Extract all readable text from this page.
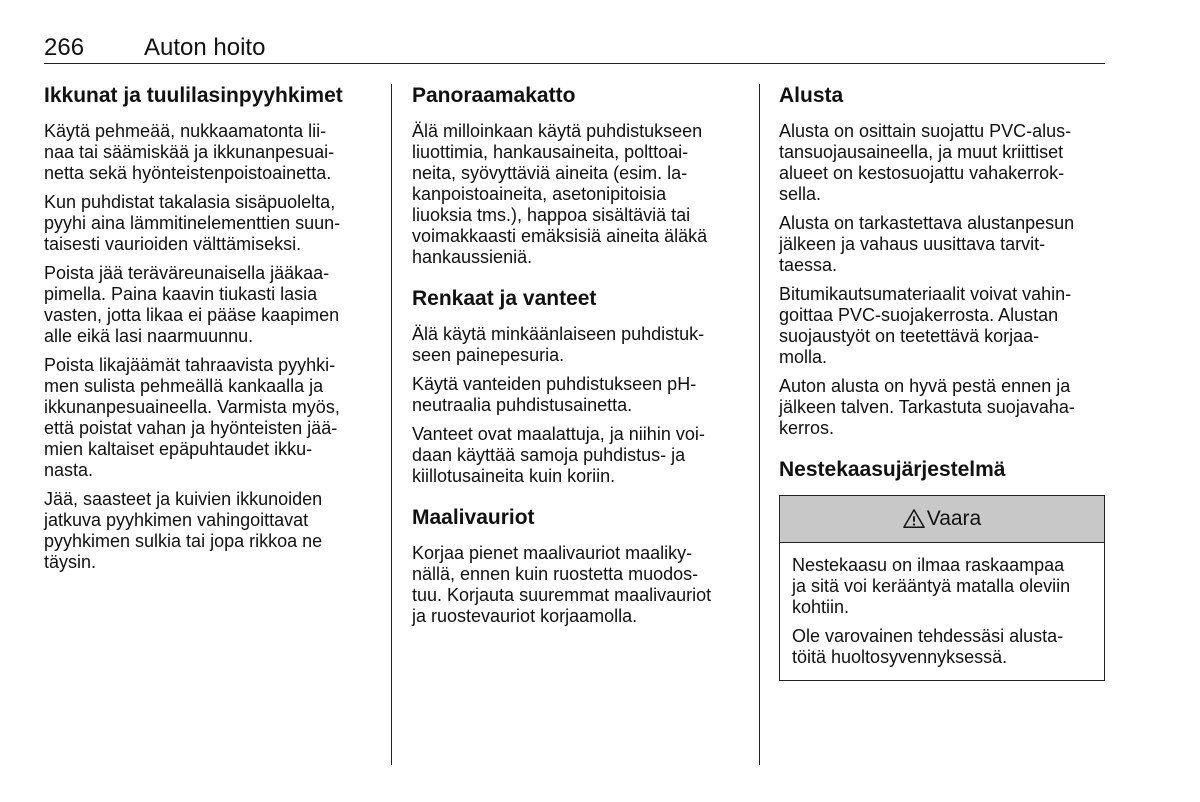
266 Auton hoito
Ikkunat ja tuulilasinpyyhkimet

Käytä pehmeää, nukkaamatonta lii-
naa tai säämiskää ja ikkunanpesuai-
netta sekä hyönteistenpoistoainetta.

Kun puhdistat takalasia sisäpuolelta,
pyyhi aina lämmitinelementtien suun-
taisesti vaurioiden välttämiseksi.

Poista jää teräväreunaisella jääkaa-
pimella. Paina kaavin tiukasti lasia
vasten, jotta likaa ei pääse kaapimen
alle eikä lasi naarmuunnu.

Poista likajäämät tahraavista pyyhki-
men sulista pehmeällä kankaalla ja
ikkunanpesuaineella. Varmista myös,
että poistat vahan ja hyönteisten jää-
mien kaltaiset epäpuhtaudet ikku-
nasta.

Jää, saasteet ja kuivien ikkunoiden
jatkuva pyyhkimen vahingoittavat
pyyhkimen sulkia tai jopa rikkoa ne
täysin.

Panoraamakatto

Älä milloinkaan käytä puhdistukseen
liuottimia, hankausaineita, polttoai-
neita, syövyttäviä aineita (esim. la-
kanpoistoaineita, asetonipitoisia
liuoksia tms.), happoa sisältäviä tai
voimakkaasti emäksisiä aineita äläkä
hankaussieniä.

Renkaat ja vanteet

Älä käytä minkäänlaiseen puhdistuk-
seen painepesuria.

Käytä vanteiden puhdistukseen pH-
neutraalia puhdistusainetta.

Vanteet ovat maalattuja, ja niihin voi-
daan käyttää samoja puhdistus- ja
kiillotusaineita kuin koriin.

Maalivauriot

Korjaa pienet maalivauriot maaliky-
nällä, ennen kuin ruostetta muodos-
tuu. Korjauta suuremmat maalivauriot
ja ruostevauriot korjaamolla.

Alusta

Alusta on osittain suojattu PVC-alus-
tansuojausaineella, ja muut kriittiset
alueet on kestosuojattu vahakerrok-
sella.

Alusta on tarkastettava alustanpesun
jälkeen ja vahaus uusittava tarvit-
taessa.

Bitumikautsumateriaalit voivat vahin-
goittaa PVC-suojakerrosta. Alustan
suojaustyöt on teetettävä korjaa-
molla.

Auton alusta on hyvä pestä ennen ja
jälkeen talven. Tarkastuta suojavaha-
kerros.

Nestekaasujärjestelmä
Vaara

Nestekaasu on ilmaa raskaampaa
ja sitä voi kerääntyä matalla oleviin
kohtiin.

Ole varovainen tehdessäsi alusta-
töitä huoltosyvennyksessä.
